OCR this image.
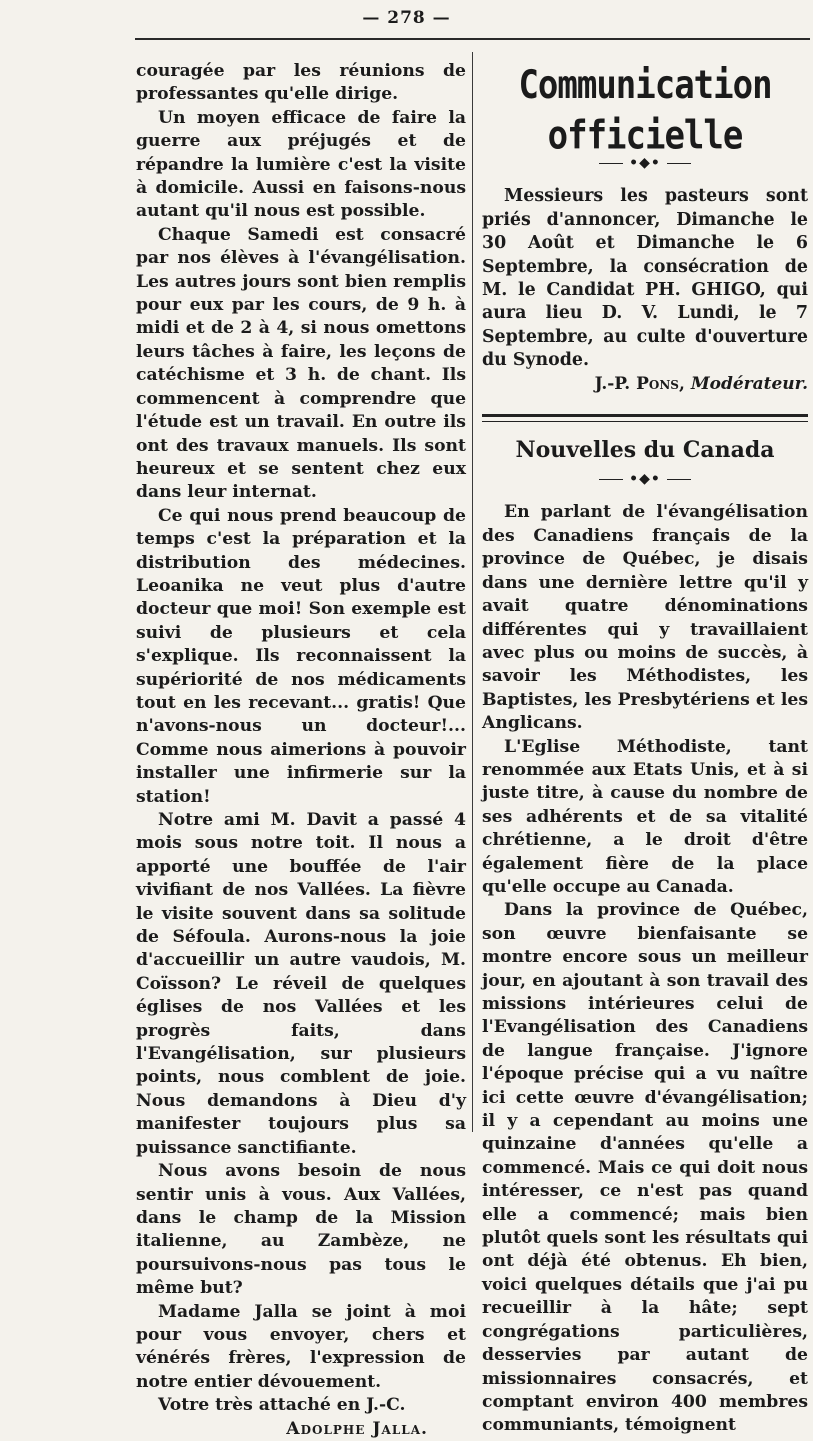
— 278 —

couragée par les réunions de professantes qu'elle dirige.

Un moyen efficace de faire la guerre aux préjugés et de répandre la lumière c'est la visite à domicile. Aussi en faisons-nous autant qu'il nous est possible.

Chaque Samedi est consacré par nos élèves à l'évangélisation. Les autres jours sont bien remplis pour eux par les cours, de 9 h. à midi et de 2 à 4, si nous omettons leurs tâches à faire, les leçons de catéchisme et 3 h. de chant. Ils commencent à comprendre que l'étude est un travail. En outre ils ont des travaux manuels. Ils sont heureux et se sentent chez eux dans leur internat.

Ce qui nous prend beaucoup de temps c'est la préparation et la distribution des médecines. Leoanika ne veut plus d'autre docteur que moi! Son exemple est suivi de plusieurs et cela s'explique. Ils reconnaissent la supériorité de nos médicaments tout en les recevant... gratis! Que n'avons-nous un docteur!... Comme nous aimerions à pouvoir installer une infirmerie sur la station!

Notre ami M. Davit a passé 4 mois sous notre toit. Il nous a apporté une bouffée de l'air vivifiant de nos Vallées. La fièvre le visite souvent dans sa solitude de Séfoula. Aurons-nous la joie d'accueillir un autre vaudois, M. Coïsson? Le réveil de quelques églises de nos Vallées et les progrès faits, dans l'Evangélisation, sur plusieurs points, nous comblent de joie. Nous demandons à Dieu d'y manifester toujours plus sa puissance sanctifiante.

Nous avons besoin de nous sentir unis à vous. Aux Vallées, dans le champ de la Mission italienne, au Zambèze, ne poursuivons-nous pas tous le même but?

Madame Jalla se joint à moi pour vous envoyer, chers et vénérés frères, l'expression de notre entier dévouement.

Votre très attaché en J.-C.

Adolphe Jalla.

Communication officielle
•◆•

Messieurs les pasteurs sont priés d'annoncer, Dimanche le 30 Août et Dimanche le 6 Septembre, la consécration de M. le Candidat PH. GHIGO, qui aura lieu D. V. Lundi, le 7 Septembre, au culte d'ouverture du Synode.

J.-P. Pons, Modérateur.

Nouvelles du Canada
•◆•

En parlant de l'évangélisation des Canadiens français de la province de Québec, je disais dans une dernière lettre qu'il y avait quatre dénominations différentes qui y travaillaient avec plus ou moins de succès, à savoir les Méthodistes, les Baptistes, les Presbytériens et les Anglicans.

L'Eglise Méthodiste, tant renommée aux Etats Unis, et à si juste titre, à cause du nombre de ses adhérents et de sa vitalité chrétienne, a le droit d'être également fière de la place qu'elle occupe au Canada.

Dans la province de Québec, son œuvre bienfaisante se montre encore sous un meilleur jour, en ajoutant à son travail des missions intérieures celui de l'Evangélisation des Canadiens de langue française. J'ignore l'époque précise qui a vu naître ici cette œuvre d'évangélisation; il y a cependant au moins une quinzaine d'années qu'elle a commencé. Mais ce qui doit nous intéresser, ce n'est pas quand elle a commencé; mais bien plutôt quels sont les résultats qui ont déjà été obtenus. Eh bien, voici quelques détails que j'ai pu recueillir à la hâte; sept congrégations particulières, desservies par autant de missionnaires consacrés, et comptant environ 400 membres communiants, témoignent
